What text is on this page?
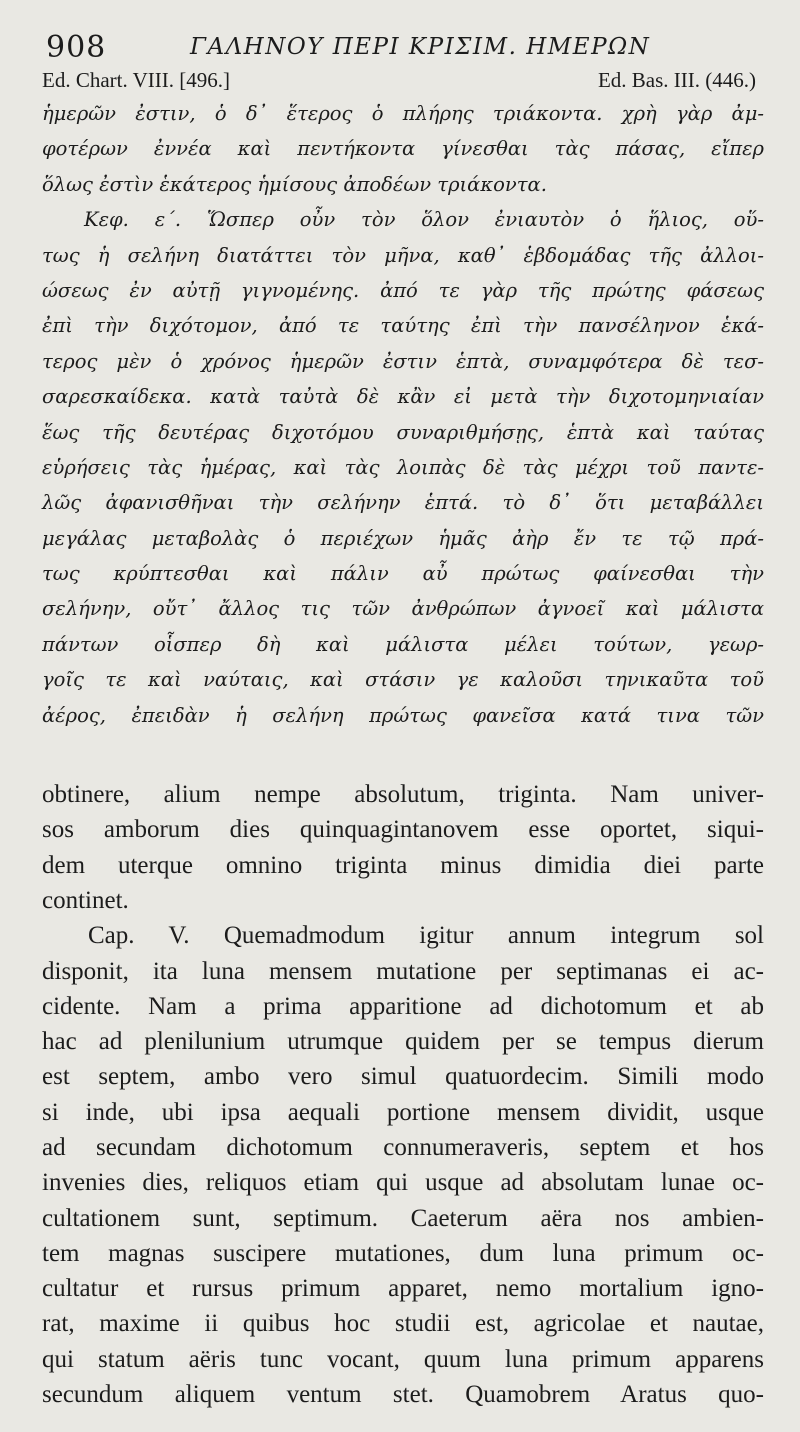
908	ΓΑΛΗΝΟΥ ΠΕΡΙ ΚΡΙΣΙΜ. ΗΜΕΡΩΝ
Ed. Chart. VIII. [496.]	Ed. Bas. III. (446.)
ἡμερῶν ἐστιν, ὁ δ᾽ ἕτερος ὁ πλήρης τριάκοντα. χρὴ γὰρ ἀμ-
φοτέρων ἐννέα καὶ πεντήκοντα γίνεσθαι τὰς πάσας, εἴπερ
ὅλως ἐστὶν ἑκάτερος ἡμίσους ἀποδέων τριάκοντα.
Κεφ. ε΄. Ὥσπερ οὖν τὸν ὅλον ἐνιαυτὸν ὁ ἥλιος, οὕ-
τως ἡ σελήνη διατάττει τὸν μῆνα, καθ᾽ ἑβδομάδας τῆς ἀλλοι-
ώσεως ἐν αὐτῇ γιγνομένης. ἀπό τε γὰρ τῆς πρώτης φάσεως
ἐπὶ τὴν διχότομον, ἀπό τε ταύτης ἐπὶ τὴν πανσέληνον ἑκά-
τερος μὲν ὁ χρόνος ἡμερῶν ἐστιν ἑπτὰ, συναμφότερα δὲ τεσ-
σαρεσκαίδεκα. κατὰ ταὐτὰ δὲ κἂν εἰ μετὰ τὴν διχοτομηνιαίαν
ἕως τῆς δευτέρας διχοτόμου συναριθμήσῃς, ἑπτὰ καὶ ταύτας
εὑρήσεις τὰς ἡμέρας, καὶ τὰς λοιπὰς δὲ τὰς μέχρι τοῦ παντε-
λῶς ἀφανισθῆναι τὴν σελήνην ἑπτά. τὸ δ᾽ ὅτι μεταβάλλει
μεγάλας μεταβολὰς ὁ περιέχων ἡμᾶς ἀὴρ ἔν τε τῷ πρά-
τως κρύπτεσθαι καὶ πάλιν αὖ πρώτως φαίνεσθαι τὴν
σελήνην, οὔτ᾽ ἄλλος τις τῶν ἀνθρώπων ἀγνοεῖ καὶ μάλιστα
πάντων οἷσπερ δὴ καὶ μάλιστα μέλει τούτων, γεωρ-
γοῖς τε καὶ ναύταις, καὶ στάσιν γε καλοῦσι τηνικαῦτα τοῦ
ἀέρος, ἐπειδὰν ἡ σελήνη πρώτως φανεῖσα κατά τινα τῶν
obtinere, alium nempe absolutum, triginta. Nam univer-
sos amborum dies quinquagintanovem esse oportet, siqui-
dem uterque omnino triginta minus dimidia diei parte
continet.
Cap. V. Quemadmodum igitur annum integrum sol
disponit, ita luna mensem mutatione per septimanas ei ac-
cidente. Nam a prima apparitione ad dichotomum et ab
hac ad plenilunium utrumque quidem per se tempus dierum
est septem, ambo vero simul quatuordecim. Simili modo
si inde, ubi ipsa aequali portione mensem dividit, usque
ad secundam dichotomum connumeraveris, septem et hos
invenies dies, reliquos etiam qui usque ad absolutam lunae oc-
cultationem sunt, septimum. Caeterum aëra nos ambien-
tem magnas suscipere mutationes, dum luna primum oc-
cultatur et rursus primum apparet, nemo mortalium igno-
rat, maxime ii quibus hoc studii est, agricolae et nautae,
qui statum aëris tunc vocant, quum luna primum apparens
secundum aliquem ventum stet. Quamobrem Aratus quo-
